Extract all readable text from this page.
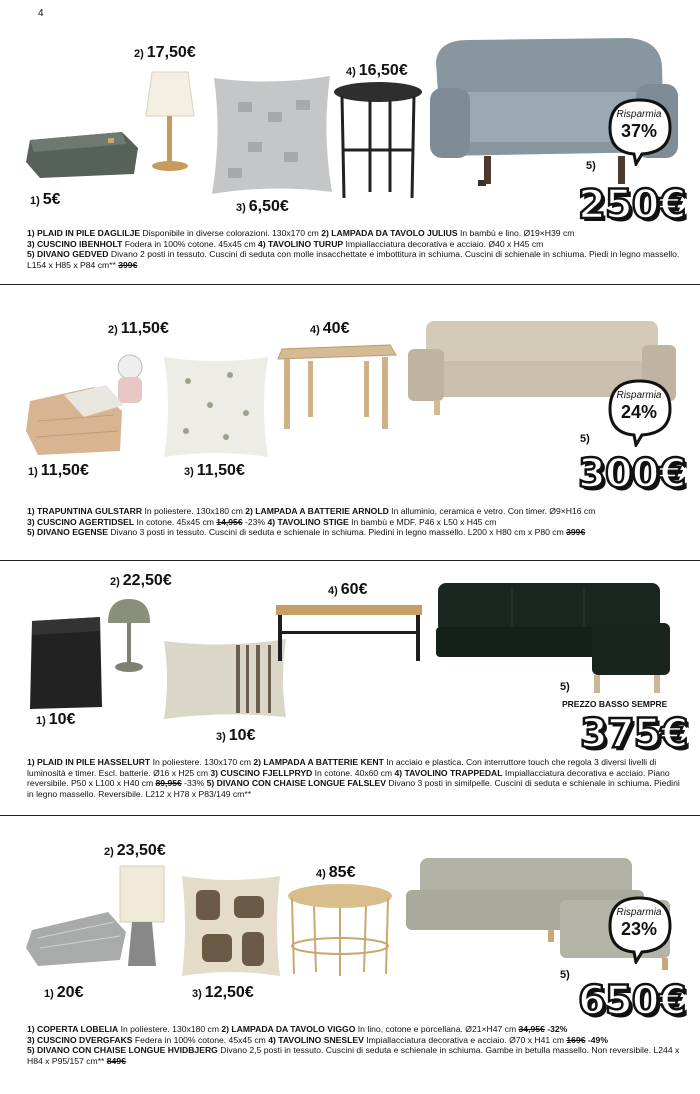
4
1) 5€
2) 17,50€
3) 6,50€
4) 16,50€
Risparmia
37%
5)
250€
1) PLAID IN PILE DAGLILJE Disponibile in diverse colorazioni. 130x170 cm 2) LAMPADA DA TAVOLO JULIUS In bambù e lino. Ø19×H39 cm
3) CUSCINO IBENHOLT Fodera in 100% cotone. 45x45 cm 4) TAVOLINO TURUP Impiallacciatura decorativa e acciaio. Ø40 x H45 cm
5) DIVANO GEDVED Divano 2 posti in tessuto. Cuscini di seduta con molle insacchettate e imbottitura in schiuma. Cuscini di schienale in schiuma. Piedi in legno massello. L154 x H85 x P84 cm** 399€
1) 11,50€
2) 11,50€
3) 11,50€
4) 40€
Risparmia
24%
5)
300€
1) TRAPUNTINA GULSTARR In poliestere. 130x180 cm 2) LAMPADA A BATTERIE ARNOLD In alluminio, ceramica e vetro. Con timer. Ø9×H16 cm
3) CUSCINO AGERTIDSEL In cotone. 45x45 cm 14,95€ -23% 4) TAVOLINO STIGE In bambù e MDF. P46 x L50 x H45 cm
5) DIVANO EGENSE Divano 3 posti in tessuto. Cuscini di seduta e schienale in schiuma. Piedini in legno massello. L200 x H80 cm x P80 cm 399€
1) 10€
2) 22,50€
3) 10€
4) 60€
5)
PREZZO BASSO SEMPRE
375€
1) PLAID IN PILE HASSELURT In poliestere. 130x170 cm 2) LAMPADA A BATTERIE KENT In acciaio e plastica. Con interruttore touch che regola 3 diversi livelli di luminosità e timer. Escl. batterie. Ø16 x H25 cm 3) CUSCINO FJELLPRYD In cotone. 40x60 cm 4) TAVOLINO TRAPPEDAL Impiallacciatura decorativa e acciaio. Piano reversibile. P50 x L100 x H40 cm 89,95€ -33% 5) DIVANO CON CHAISE LONGUE FALSLEV Divano 3 posti in similpelle. Cuscini di seduta e schienale in schiuma. Piedini in legno massello. Reversibile. L212 x H78 x P83/149 cm**
1) 20€
2) 23,50€
3) 12,50€
4) 85€
Risparmia
23%
5)
650€
1) COPERTA LOBELIA In poliestere. 130x180 cm 2) LAMPADA DA TAVOLO VIGGO In lino, cotone e porcellana. Ø21×H47 cm 34,95€ -32%
3) CUSCINO DVERGFAKS Federa in 100% cotone. 45x45 cm 4) TAVOLINO SNESLEV Impiallacciatura decorativa e acciaio. Ø70 x H41 cm 169€ -49%
5) DIVANO CON CHAISE LONGUE HVIDBJERG Divano 2,5 posti in tessuto. Cuscini di seduta e schienale in schiuma. Gambe in betulla massello. Non reversibile. L244 x H84 x P95/157 cm** 849€
